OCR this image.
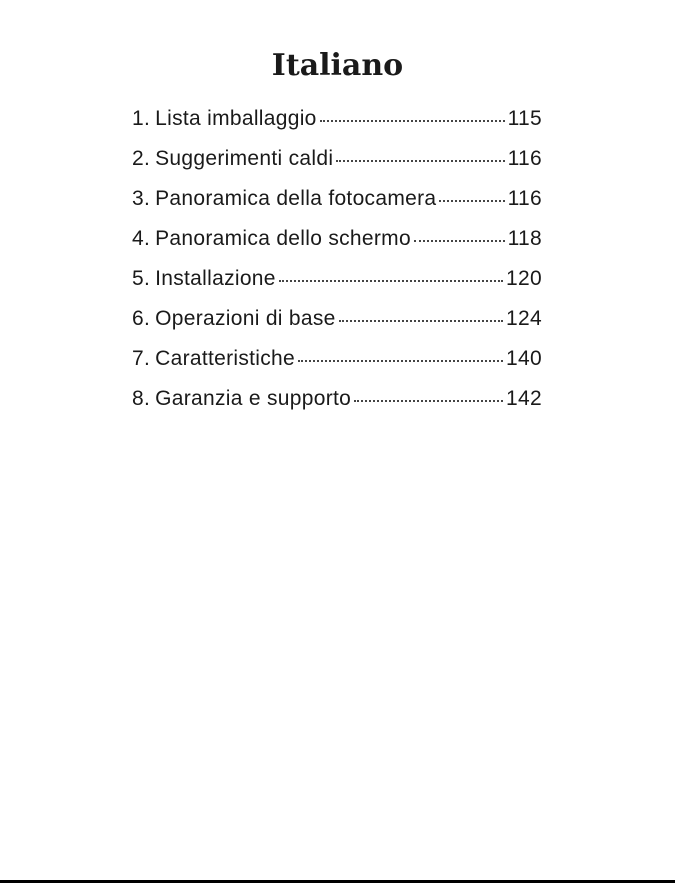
Italiano
1. Lista imballaggio	115
2. Suggerimenti caldi	116
3. Panoramica della fotocamera	116
4. Panoramica dello schermo	118
5. Installazione	120
6. Operazioni di base	124
7. Caratteristiche	140
8. Garanzia e supporto	142
